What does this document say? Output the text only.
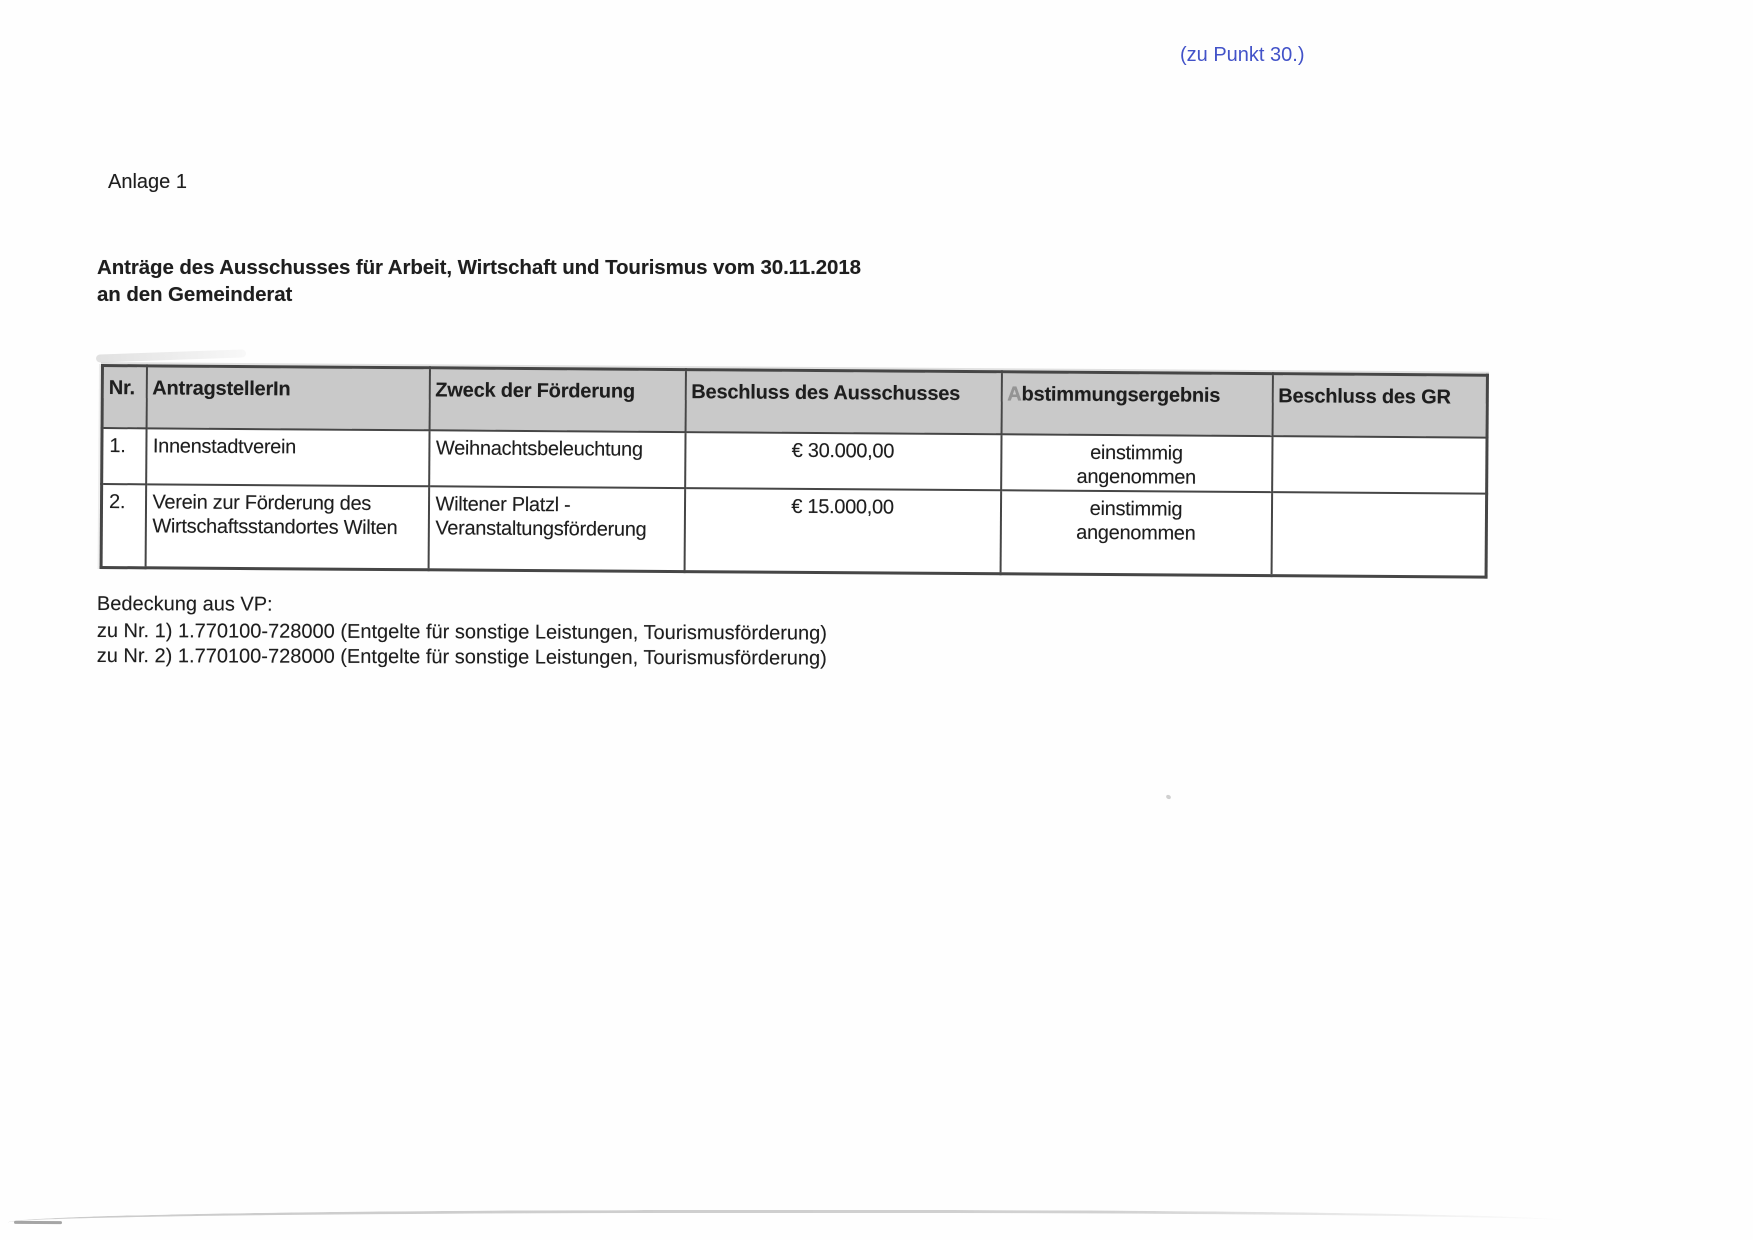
(zu Punkt 30.)
Anlage 1
Anträge des Ausschusses für Arbeit, Wirtschaft und Tourismus vom 30.11.2018
an den Gemeinderat
Nr.	AntragstellerIn	Zweck der Förderung	Beschluss des Ausschusses	Abstimmungsergebnis	Beschluss des GR
1.	Innenstadtverein	Weihnachtsbeleuchtung	€ 30.000,00	einstimmig
angenommen	
2.	Verein zur Förderung des Wirtschaftsstandortes Wilten	Wiltener Platzl - Veranstaltungsförderung	€ 15.000,00	einstimmig
angenommen	
Bedeckung aus VP:
zu Nr. 1) 1.770100-728000 (Entgelte für sonstige Leistungen, Tourismusförderung)
zu Nr. 2) 1.770100-728000 (Entgelte für sonstige Leistungen, Tourismusförderung)
